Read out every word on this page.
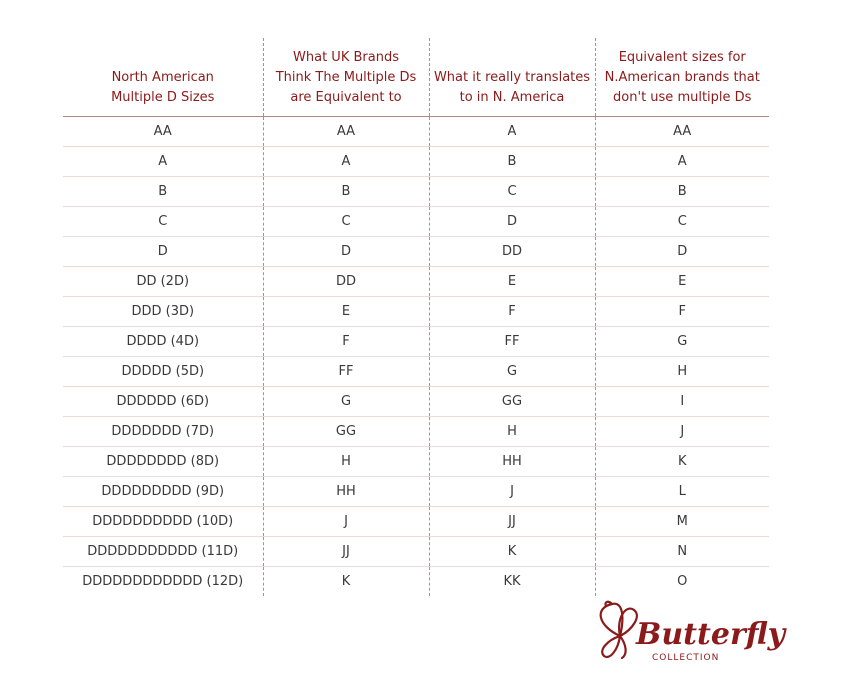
North American
Multiple D Sizes	What UK Brands
Think The Multiple Ds
are Equivalent to	What it really translates
to in N. America	Equivalent sizes for
N.American brands that
don't use multiple Ds

AA	AA	A	AA
A	A	B	A
B	B	C	B
C	C	D	C
D	D	DD	D
DD (2D)	DD	E	E
DDD (3D)	E	F	F
DDDD (4D)	F	FF	G
DDDDD (5D)	FF	G	H
DDDDDD (6D)	G	GG	I
DDDDDDD (7D)	GG	H	J
DDDDDDDD (8D)	H	HH	K
DDDDDDDDD (9D)	HH	J	L
DDDDDDDDDD (10D)	J	JJ	M
DDDDDDDDDDD (11D)	JJ	K	N
DDDDDDDDDDDD (12D)	K	KK	O
Butterfly
COLLECTION
